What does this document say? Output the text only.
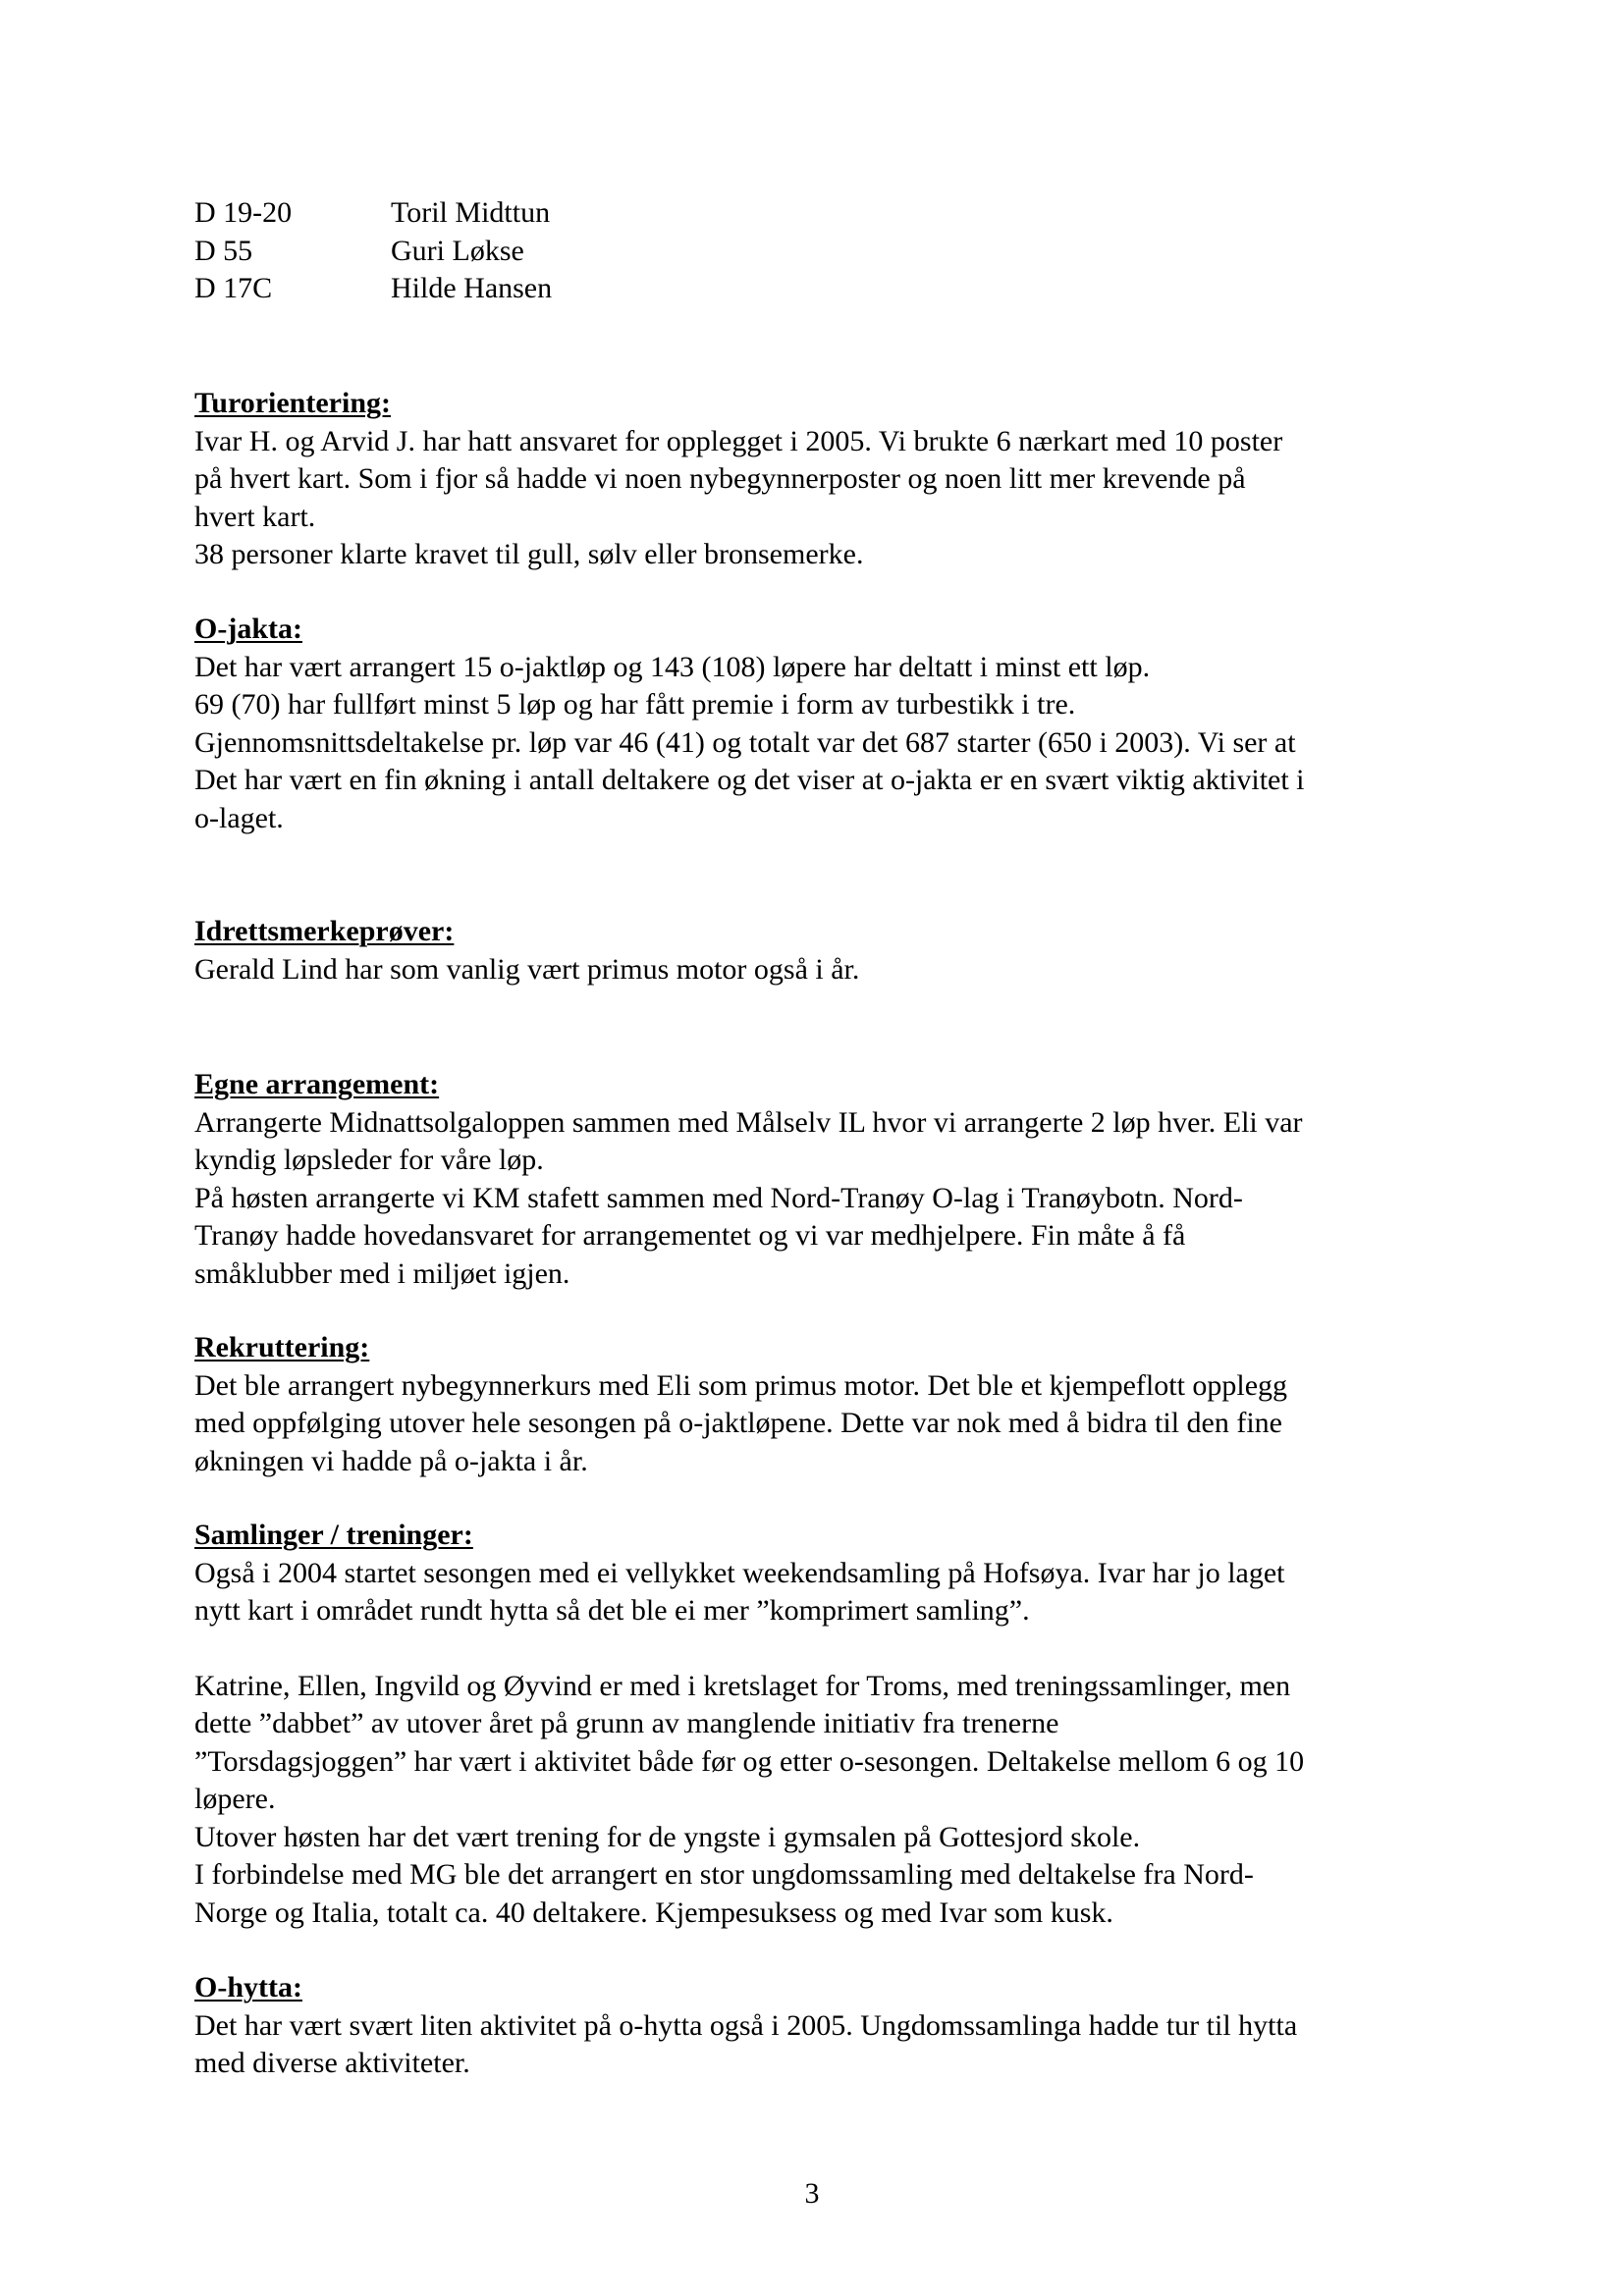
D 19-20	Toril Midttun
D 55	Guri Løkse
D 17C	Hilde Hansen
Turorientering:
Ivar H. og Arvid J. har hatt ansvaret for opplegget i 2005. Vi brukte 6 nærkart med 10 poster
på hvert kart. Som i fjor så hadde vi noen nybegynnerposter og noen litt mer krevende på
hvert kart.
38 personer klarte kravet til gull, sølv eller bronsemerke.
O-jakta:
Det har vært arrangert 15 o-jaktløp og 143 (108) løpere har deltatt i minst ett løp.
69 (70) har fullført minst 5 løp og har fått premie i form av turbestikk i tre.
Gjennomsnittsdeltakelse pr. løp var 46 (41) og totalt var det 687 starter (650 i 2003). Vi ser at
Det har vært en fin økning i antall deltakere og det viser at o-jakta er en svært viktig aktivitet i
o-laget.
Idrettsmerkeprøver:
Gerald Lind har som vanlig vært primus motor også i år.
Egne arrangement:
Arrangerte Midnattsolgaloppen sammen med Målselv IL hvor vi arrangerte 2 løp hver. Eli var
kyndig løpsleder for våre løp.
På høsten arrangerte vi KM stafett sammen med Nord-Tranøy O-lag i Tranøybotn. Nord-
Tranøy hadde hovedansvaret for arrangementet og vi var medhjelpere. Fin måte å få
småklubber med i miljøet igjen.
Rekruttering:
Det ble arrangert nybegynnerkurs med Eli som primus motor. Det ble et kjempeflott opplegg
med oppfølging utover hele sesongen på o-jaktløpene. Dette var nok med å bidra til den fine
økningen vi hadde på o-jakta i år.
Samlinger / treninger:
Også i 2004 startet sesongen med ei vellykket weekendsamling på Hofsøya. Ivar har jo laget
nytt kart i området rundt hytta så det ble ei mer ”komprimert samling”.
Katrine, Ellen, Ingvild og Øyvind er med i kretslaget for Troms, med treningssamlinger, men
dette ”dabbet” av utover året på grunn av manglende initiativ fra trenerne
”Torsdagsjoggen” har vært i aktivitet både før og etter o-sesongen. Deltakelse mellom 6 og 10
løpere.
Utover høsten har det vært trening for de yngste i gymsalen på Gottesjord skole.
I forbindelse med MG ble det arrangert en stor ungdomssamling med deltakelse fra Nord-
Norge og Italia, totalt ca. 40 deltakere. Kjempesuksess og med Ivar som kusk.
O-hytta:
Det har vært svært liten aktivitet på o-hytta også i 2005. Ungdomssamlinga hadde tur til hytta
med diverse aktiviteter.
3
